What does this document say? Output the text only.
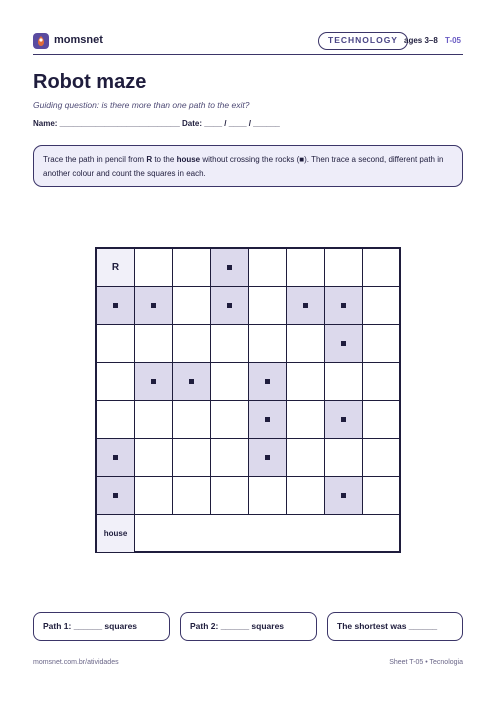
momsnet	TECHNOLOGY ages 3–8 T-05
Robot maze
Guiding question: is there more than one path to the exit?
Name: ___________________________ Date: ____ / ____ / ______
Trace the path in pencil from R to the house without crossing the rocks (■). Then trace a second, different path in another colour and count the squares in each.
R
house
Path 1: ______ squares	Path 2: ______ squares	The shortest was ______
momsnet.com.br/atividades	Sheet T-05 • Tecnologia
